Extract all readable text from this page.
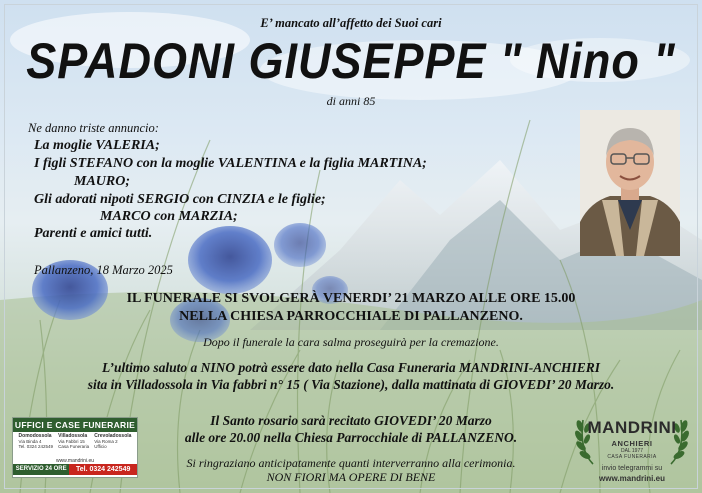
E’ mancato all’affetto dei Suoi cari
SPADONI GIUSEPPE " Nino "
di anni 85
Ne danno triste annuncio:
La moglie VALERIA;
I figli STEFANO con la moglie VALENTINA e la figlia MARTINA;
MAURO;
Gli adorati nipoti SERGIO con CINZIA e le figlie;
MARCO con MARZIA;
Parenti e amici tutti.
Pallanzeno, 18 Marzo 2025
IL FUNERALE SI SVOLGERÀ VENERDI’ 21 MARZO ALLE ORE 15.00
NELLA CHIESA PARROCCHIALE DI PALLANZENO.
Dopo il funerale la cara salma proseguirà per la cremazione.
L’ultimo saluto a NINO potrà essere dato nella Casa Funeraria MANDRINI-ANCHIERI
sita in Villadossola in Via fabbri n° 15 ( Via Stazione), dalla mattinata di GIOVEDI’ 20 Marzo.
Il Santo rosario sarà recitato GIOVEDI’ 20 Marzo
alle ore 20.00 nella Chiesa Parrocchiale di PALLANZENO.
Si ringraziano anticipatamente quanti interverranno alla cerimonia.
NON FIORI MA OPERE DI BENE
UFFICI E CASE FUNERARIE
Domodossola
Via Binda 4
Tel. 0324 242549
Villadossola
Via Fabbri 15
Casa Funeraria
Crevoladossola
Via Roma 2
Ufficio
www.mandrini.eu
SERVIZIO 24 ORE	Tel. 0324 242549
MANDRINI
ANCHIERI
DAL 1977
CASA FUNERARIA
invio telegrammi su
www.mandrini.eu
